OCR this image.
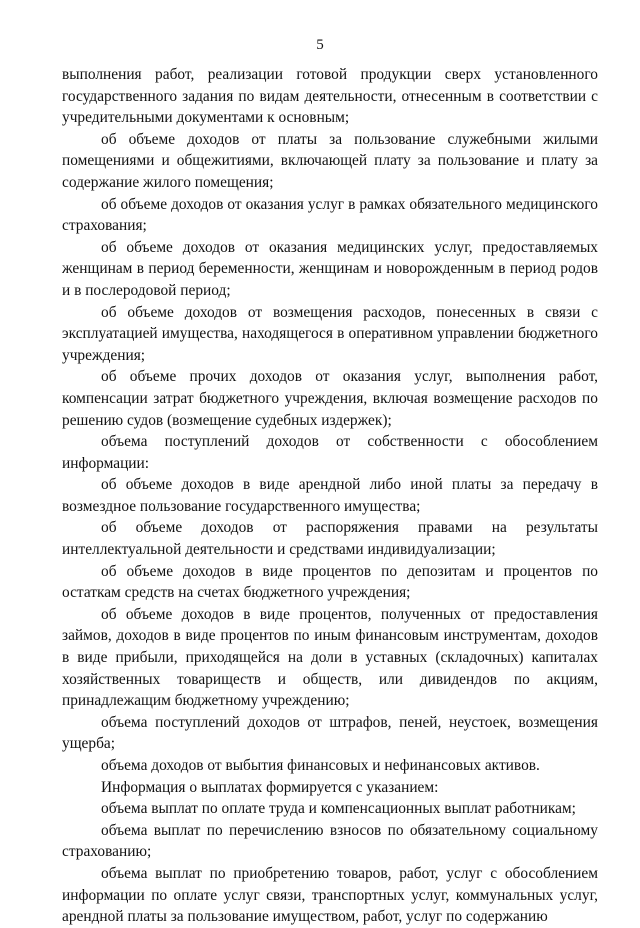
5

выполнения работ, реализации готовой продукции сверх установленного государственного задания по видам деятельности, отнесенным в соответствии с учредительными документами к основным;

об объеме доходов от платы за пользование служебными жилыми помещениями и общежитиями, включающей плату за пользование и плату за содержание жилого помещения;

об объеме доходов от оказания услуг в рамках обязательного медицинского страхования;

об объеме доходов от оказания медицинских услуг, предоставляемых женщинам в период беременности, женщинам и новорожденным в период родов и в послеродовой период;

об объеме доходов от возмещения расходов, понесенных в связи с эксплуатацией имущества, находящегося в оперативном управлении бюджетного учреждения;

об объеме прочих доходов от оказания услуг, выполнения работ, компенсации затрат бюджетного учреждения, включая возмещение расходов по решению судов (возмещение судебных издержек);

объема поступлений доходов от собственности с обособлением информации:

об объеме доходов в виде арендной либо иной платы за передачу в возмездное пользование государственного имущества;

об объеме доходов от распоряжения правами на результаты интеллектуальной деятельности и средствами индивидуализации;

об объеме доходов в виде процентов по депозитам и процентов по остаткам средств на счетах бюджетного учреждения;

об объеме доходов в виде процентов, полученных от предоставления займов, доходов в виде процентов по иным финансовым инструментам, доходов в виде прибыли, приходящейся на доли в уставных (складочных) капиталах хозяйственных товариществ и обществ, или дивидендов по акциям, принадлежащим бюджетному учреждению;

объема поступлений доходов от штрафов, пеней, неустоек, возмещения ущерба;

объема доходов от выбытия финансовых и нефинансовых активов.

Информация о выплатах формируется с указанием:

объема выплат по оплате труда и компенсационных выплат работникам;

объема выплат по перечислению взносов по обязательному социальному страхованию;

объема выплат по приобретению товаров, работ, услуг с обособлением информации по оплате услуг связи, транспортных услуг, коммунальных услуг, арендной платы за пользование имуществом, работ, услуг по содержанию
